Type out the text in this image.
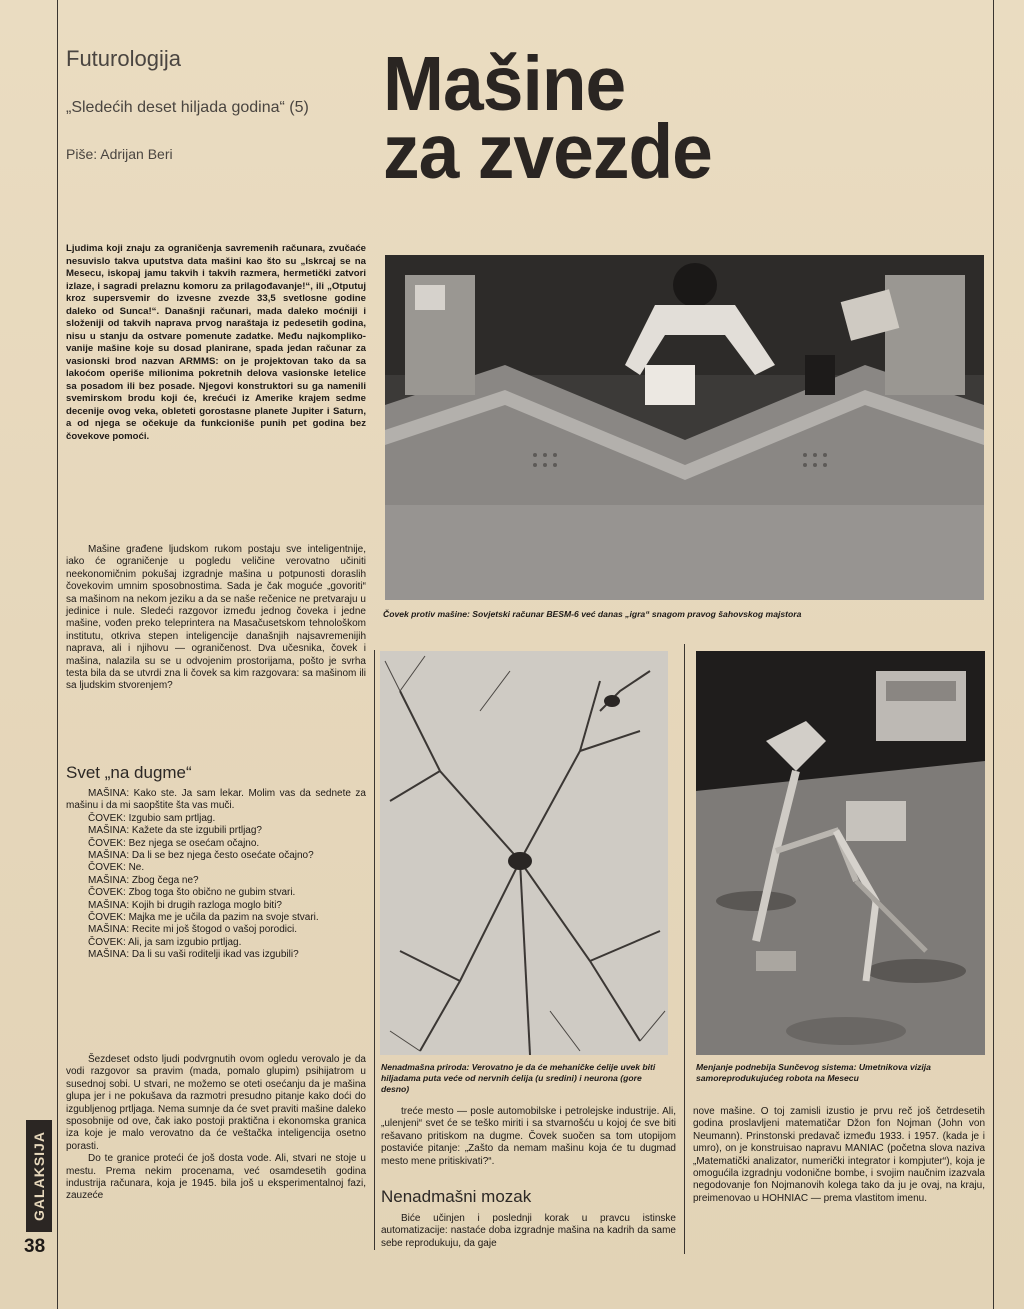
Futurologija
„Sledećih deset hiljada godina“ (5)
Piše: Adrijan Beri
Mašine
za zvezde
Ljudima koji znaju za ograničenja savremenih računara, zvučaće nesuvislo takva uputstva data mašini kao što su „Iskrcaj se na Mesecu, iskopaj jamu takvih i takvih razmera, hermetički zatvori izlaze, i sagradi prelaznu komoru za prilagođavanje!“, ili „Otputuj kroz supersvemir do izvesne zvezde 33,5 svetlosne godine daleko od Sunca!“. Današnji računari, mada daleko moćniji i složeniji od takvih naprava prvog naraštaja iz pedesetih godina, nisu u stanju da ostvare pomenute zadatke. Među najkomplikovanije mašine koje su dosad planirane, spada jedan računar za vasionski brod nazvan ARMMS: on je projektovan tako da sa lakoćom operiše milionima pokretnih delova vasionske letelice sa posadom ili bez posade. Njegovi konstruktori su ga namenili svemirskom brodu koji će, krećući iz Amerike krajem sedme decenije ovog veka, obleteti gorostasne planete Jupiter i Saturn, a od njega se očekuje da funkcioniše punih pet godina bez čovekove pomoći.

Mašine građene ljudskom rukom postaju sve inteligentnije, iako će ograničenje u pogledu veličine verovatno učiniti neekonomičnim pokušaj izgradnje mašina u potpunosti doraslih čovekovim umnim sposobnostima. Sada je čak moguće „govoriti“ sa mašinom na nekom jeziku a da se naše rečenice ne pretvaraju u jedinice i nule. Sledeći razgovor između jednog čoveka i jedne mašine, vođen preko teleprintera na Masačusetskom tehnološkom institutu, otkriva stepen inteligencije današnjih najsavremenijih naprava, ali i njihovu — ograničenost. Dva učesnika, čovek i mašina, nalazila su se u odvojenim prostorijama, pošto je svrha testa bila da se utvrdi zna li čovek sa kim razgovara: sa mašinom ili sa ljudskim stvorenjem?

Svet „na dugme“

MAŠINA: Kako ste. Ja sam lekar. Molim vas da sednete za mašinu i da mi saopštite šta vas muči.

ČOVEK: Izgubio sam prtljag.

MAŠINA: Kažete da ste izgubili prtljag?

ČOVEK: Bez njega se osećam očajno.

MAŠINA: Da li se bez njega često osećate očajno?

ČOVEK: Ne.

MAŠINA: Zbog čega ne?

ČOVEK: Zbog toga što obično ne gubim stvari.

MAŠINA: Kojih bi drugih razloga moglo biti?

ČOVEK: Majka me je učila da pazim na svoje stvari.

MAŠINA: Recite mi još štogod o vašoj porodici.

ČOVEK: Ali, ja sam izgubio prtljag.

MAŠINA: Da li su vaši roditelji ikad vas izgubili?

Šezdeset odsto ljudi podvrgnutih ovom ogledu verovalo je da vodi razgovor sa pravim (mada, pomalo glupim) psihijatrom u susednoj sobi. U stvari, ne možemo se oteti osećanju da je mašina glupa jer i ne pokušava da razmotri presudno pitanje kako doći do izgubljenog prtljaga. Nema sumnje da će svet praviti mašine daleko sposobnije od ove, čak iako postoji praktična i ekonomska granica iza koje je malo verovatno da će veštačka inteligencija osetno porasti.

Do te granice proteći će još dosta vode. Ali, stvari ne stoje u mestu. Prema nekim procenama, već osamdesetih godina industrija računara, koja je 1945. bila još u eksperimentalnoj fazi, zauzeće

Čovek protiv mašine: Sovjetski računar BESM-6 već danas „igra“ snagom pravog šahovskog majstora
Nenadmašna priroda: Verovatno je da će mehaničke ćelije uvek biti hiljadama puta veće od nervnih ćelija (u sredini) i neurona (gore desno)
Menjanje podnebija Sunčevog sistema: Umetnikova vizija samoreprodukujućeg robota na Mesecu

treće mesto — posle automobilske i petrolejske industrije. Ali, „ulenjeni“ svet će se teško miriti i sa stvarnošću u kojoj će sve biti rešavano pritiskom na dugme. Čovek suočen sa tom utopijom postaviće pitanje: „Zašto da nemam mašinu koja će tu dugmad mesto mene pritiskivati?“.

Nenadmašni mozak

Biće učinjen i poslednji korak u pravcu istinske automatizacije: nastaće doba izgradnje mašina na kadrih da same sebe reprodukuju, da gaje

nove mašine. O toj zamisli izustio je prvu reč još četrdesetih godina proslavljeni matematičar Džon fon Nojman (John von Neumann). Prinstonski predavač između 1933. i 1957. (kada je i umro), on je konstruisao napravu MANIAC (početna slova naziva „Matematički analizator, numerički integrator i kompjuter“), koja je omogućila izgradnju vodonične bombe, i svojim naučnim izazvala negodovanje fon Nojmanovih kolega tako da ju je ovaj, na kraju, preimenovao u HOHNIAC — prema vlastitom imenu.

GALAKSIJA
38
